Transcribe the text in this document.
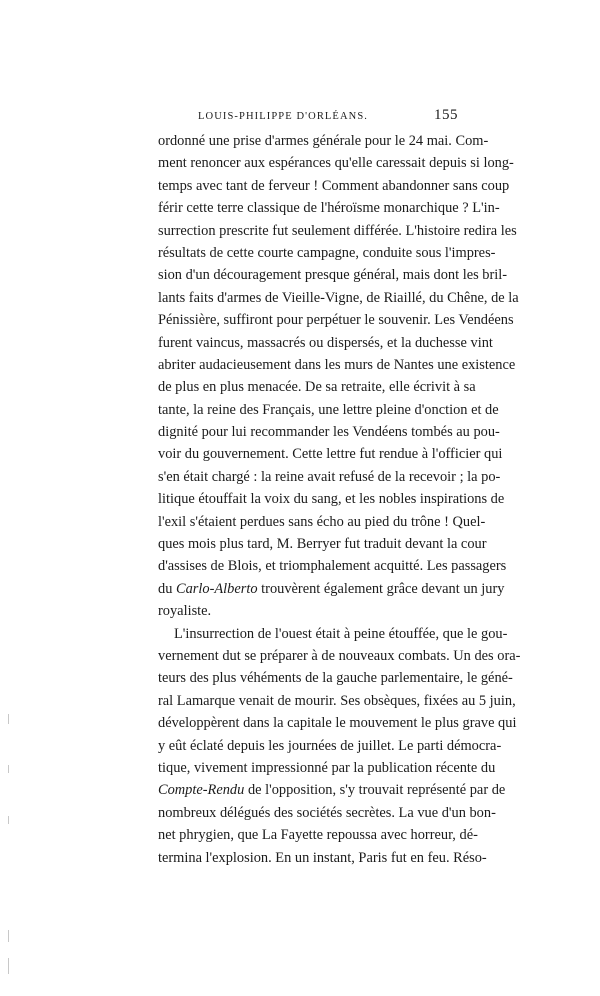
LOUIS-PHILIPPE D'ORLÉANS.	155
ordonné une prise d'armes générale pour le 24 mai. Com-
ment renoncer aux espérances qu'elle caressait depuis si long-
temps avec tant de ferveur ! Comment abandonner sans coup
férir cette terre classique de l'héroïsme monarchique ? L'in-
surrection prescrite fut seulement différée. L'histoire redira les
résultats de cette courte campagne, conduite sous l'impres-
sion d'un découragement presque général, mais dont les bril-
lants faits d'armes de Vieille-Vigne, de Riaillé, du Chêne, de la
Pénissière, suffiront pour perpétuer le souvenir. Les Vendéens
furent vaincus, massacrés ou dispersés, et la duchesse vint
abriter audacieusement dans les murs de Nantes une existence
de plus en plus menacée. De sa retraite, elle écrivit à sa
tante, la reine des Français, une lettre pleine d'onction et de
dignité pour lui recommander les Vendéens tombés au pou-
voir du gouvernement. Cette lettre fut rendue à l'officier qui
s'en était chargé : la reine avait refusé de la recevoir ; la po-
litique étouffait la voix du sang, et les nobles inspirations de
l'exil s'étaient perdues sans écho au pied du trône ! Quel-
ques mois plus tard, M. Berryer fut traduit devant la cour
d'assises de Blois, et triomphalement acquitté. Les passagers
du Carlo-Alberto trouvèrent également grâce devant un jury
royaliste.
L'insurrection de l'ouest était à peine étouffée, que le gou-
vernement dut se préparer à de nouveaux combats. Un des ora-
teurs des plus véhéments de la gauche parlementaire, le géné-
ral Lamarque venait de mourir. Ses obsèques, fixées au 5 juin,
développèrent dans la capitale le mouvement le plus grave qui
y eût éclaté depuis les journées de juillet. Le parti démocra-
tique, vivement impressionné par la publication récente du
Compte-Rendu de l'opposition, s'y trouvait représenté par de
nombreux délégués des sociétés secrètes. La vue d'un bon-
net phrygien, que La Fayette repoussa avec horreur, dé-
termina l'explosion. En un instant, Paris fut en feu. Réso-
